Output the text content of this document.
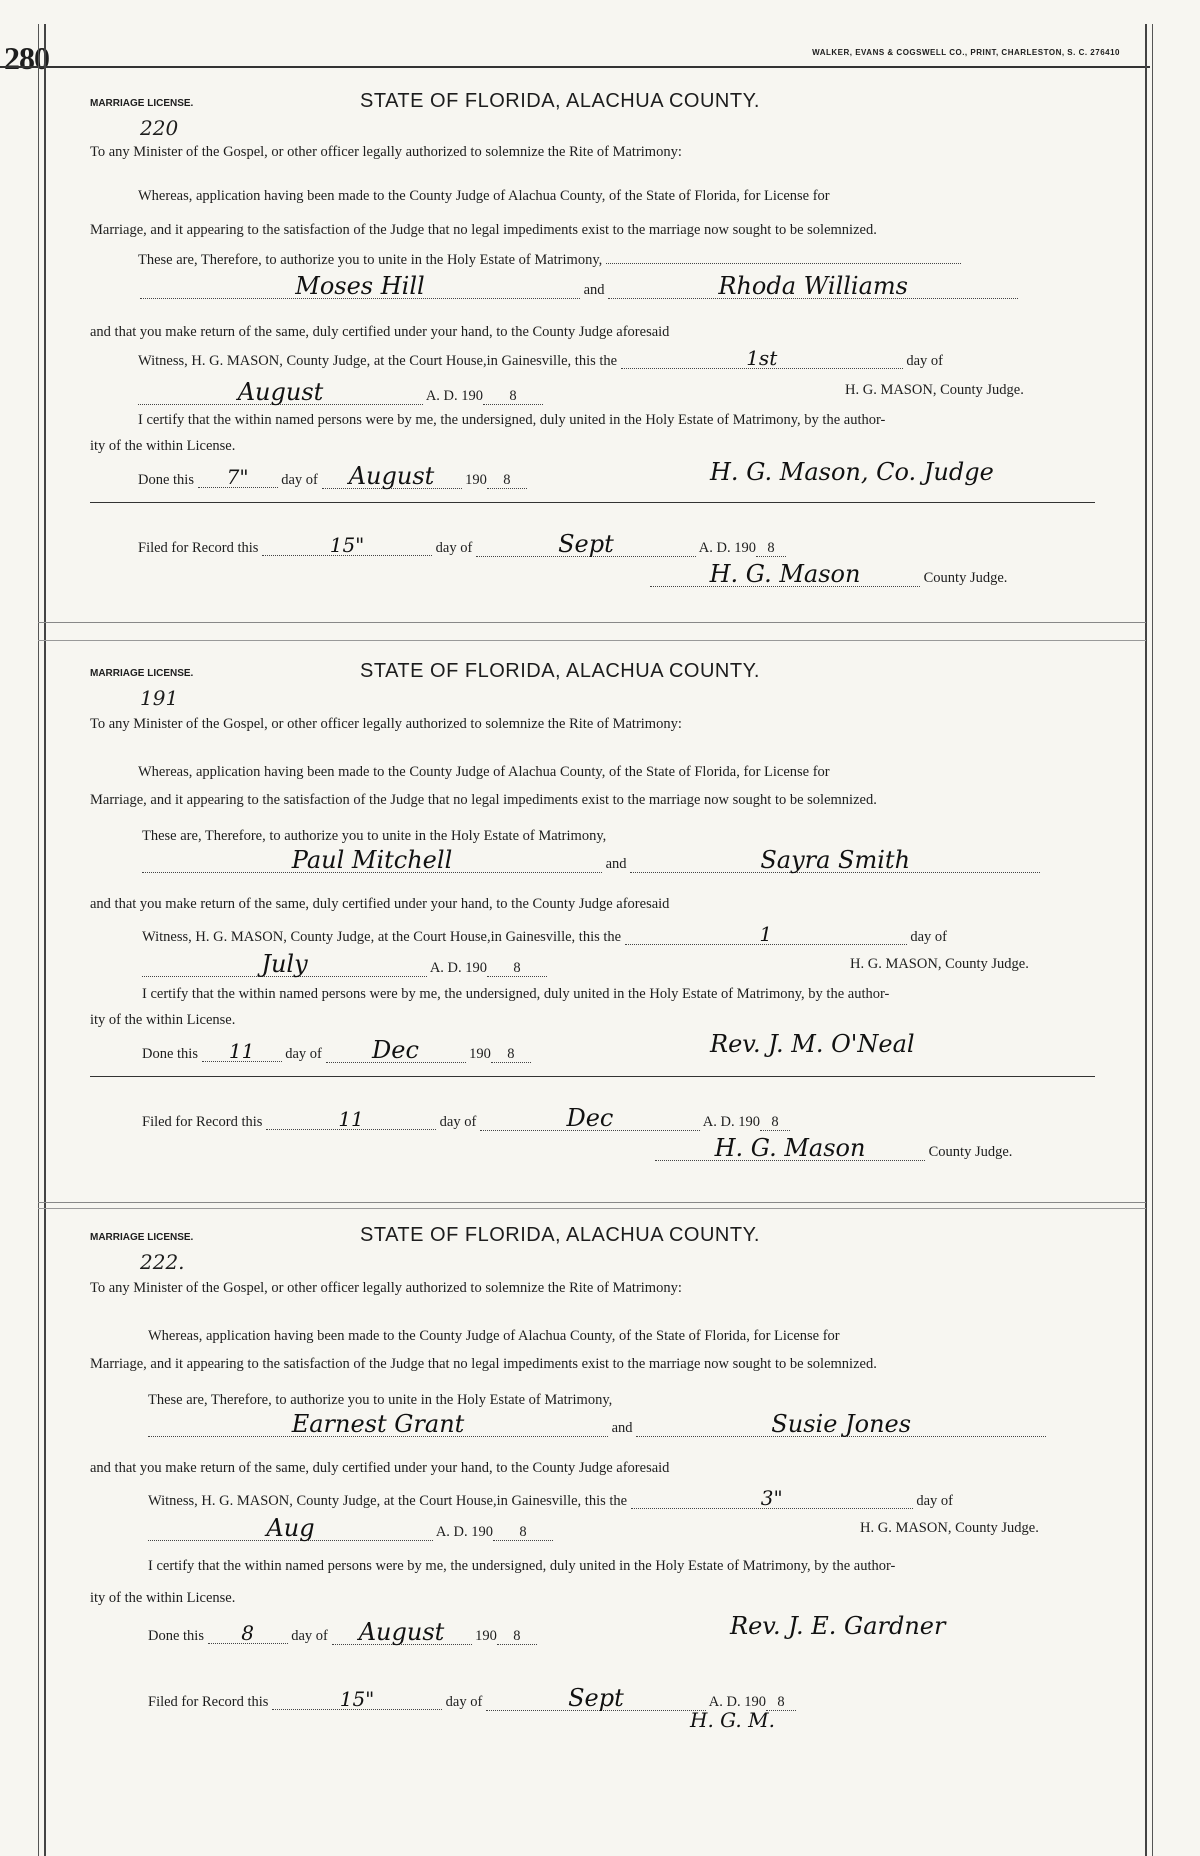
280	WALKER, EVANS & COGSWELL CO., PRINT, CHARLESTON, S. C. 276410
MARRIAGE LICENSE.	STATE OF FLORIDA, ALACHUA COUNTY.
220
To any Minister of the Gospel, or other officer legally authorized to solemnize the Rite of Matrimony:
Whereas, application having been made to the County Judge of Alachua County, of the State of Florida, for License for
Marriage, and it appearing to the satisfaction of the Judge that no legal impediments exist to the marriage now sought to be solemnized.
These are, Therefore, to authorize you to unite in the Holy Estate of Matrimony,
Moses Hill	and	Rhoda Williams
and that you make return of the same, duly certified under your hand, to the County Judge aforesaid
Witness, H. G. MASON, County Judge, at the Court House,in Gainesville, this the	1st	day of
August	A. D. 190 8	H. G. MASON, County Judge.
I certify that the within named persons were by me, the undersigned, duly united in the Holy Estate of Matrimony, by the author-
ity of the within License.
Done this 7" day of August 190 8	H. G. Mason, Co. Judge
Filed for Record this	15"	day of	Sept	A. D. 190 8
H. G. Mason	County Judge.
MARRIAGE LICENSE.	STATE OF FLORIDA, ALACHUA COUNTY.
191
To any Minister of the Gospel, or other officer legally authorized to solemnize the Rite of Matrimony:
Whereas, application having been made to the County Judge of Alachua County, of the State of Florida, for License for
Marriage, and it appearing to the satisfaction of the Judge that no legal impediments exist to the marriage now sought to be solemnized.
These are, Therefore, to authorize you to unite in the Holy Estate of Matrimony,
Paul Mitchell	and	Sayra Smith
and that you make return of the same, duly certified under your hand, to the County Judge aforesaid
Witness, H. G. MASON, County Judge, at the Court House,in Gainesville, this the	1	day of
July	A. D. 190 8	H. G. MASON, County Judge.
I certify that the within named persons were by me, the undersigned, duly united in the Holy Estate of Matrimony, by the author-
ity of the within License.
Done this 11 day of Dec	190 8	Rev. J. M. O'Neal
Filed for Record this	11	day of	Dec	A. D. 190 8
H. G. Mason	County Judge.
MARRIAGE LICENSE.	STATE OF FLORIDA, ALACHUA COUNTY.
222.
To any Minister of the Gospel, or other officer legally authorized to solemnize the Rite of Matrimony:
Whereas, application having been made to the County Judge of Alachua County, of the State of Florida, for License for
Marriage, and it appearing to the satisfaction of the Judge that no legal impediments exist to the marriage now sought to be solemnized.
These are, Therefore, to authorize you to unite in the Holy Estate of Matrimony,
Earnest Grant	and	Susie Jones
and that you make return of the same, duly certified under your hand, to the County Judge aforesaid
Witness, H. G. MASON, County Judge, at the Court House,in Gainesville, this the	3"	day of
Aug	A. D. 190 8	H. G. MASON, County Judge.
I certify that the within named persons were by me, the undersigned, duly united in the Holy Estate of Matrimony, by the author-
ity of the within License.
Done this 8	day of August 190 8	Rev. J. E. Gardner
Filed for Record this	15"	day of	Sept	A. D. 190 8
H. G. M.
